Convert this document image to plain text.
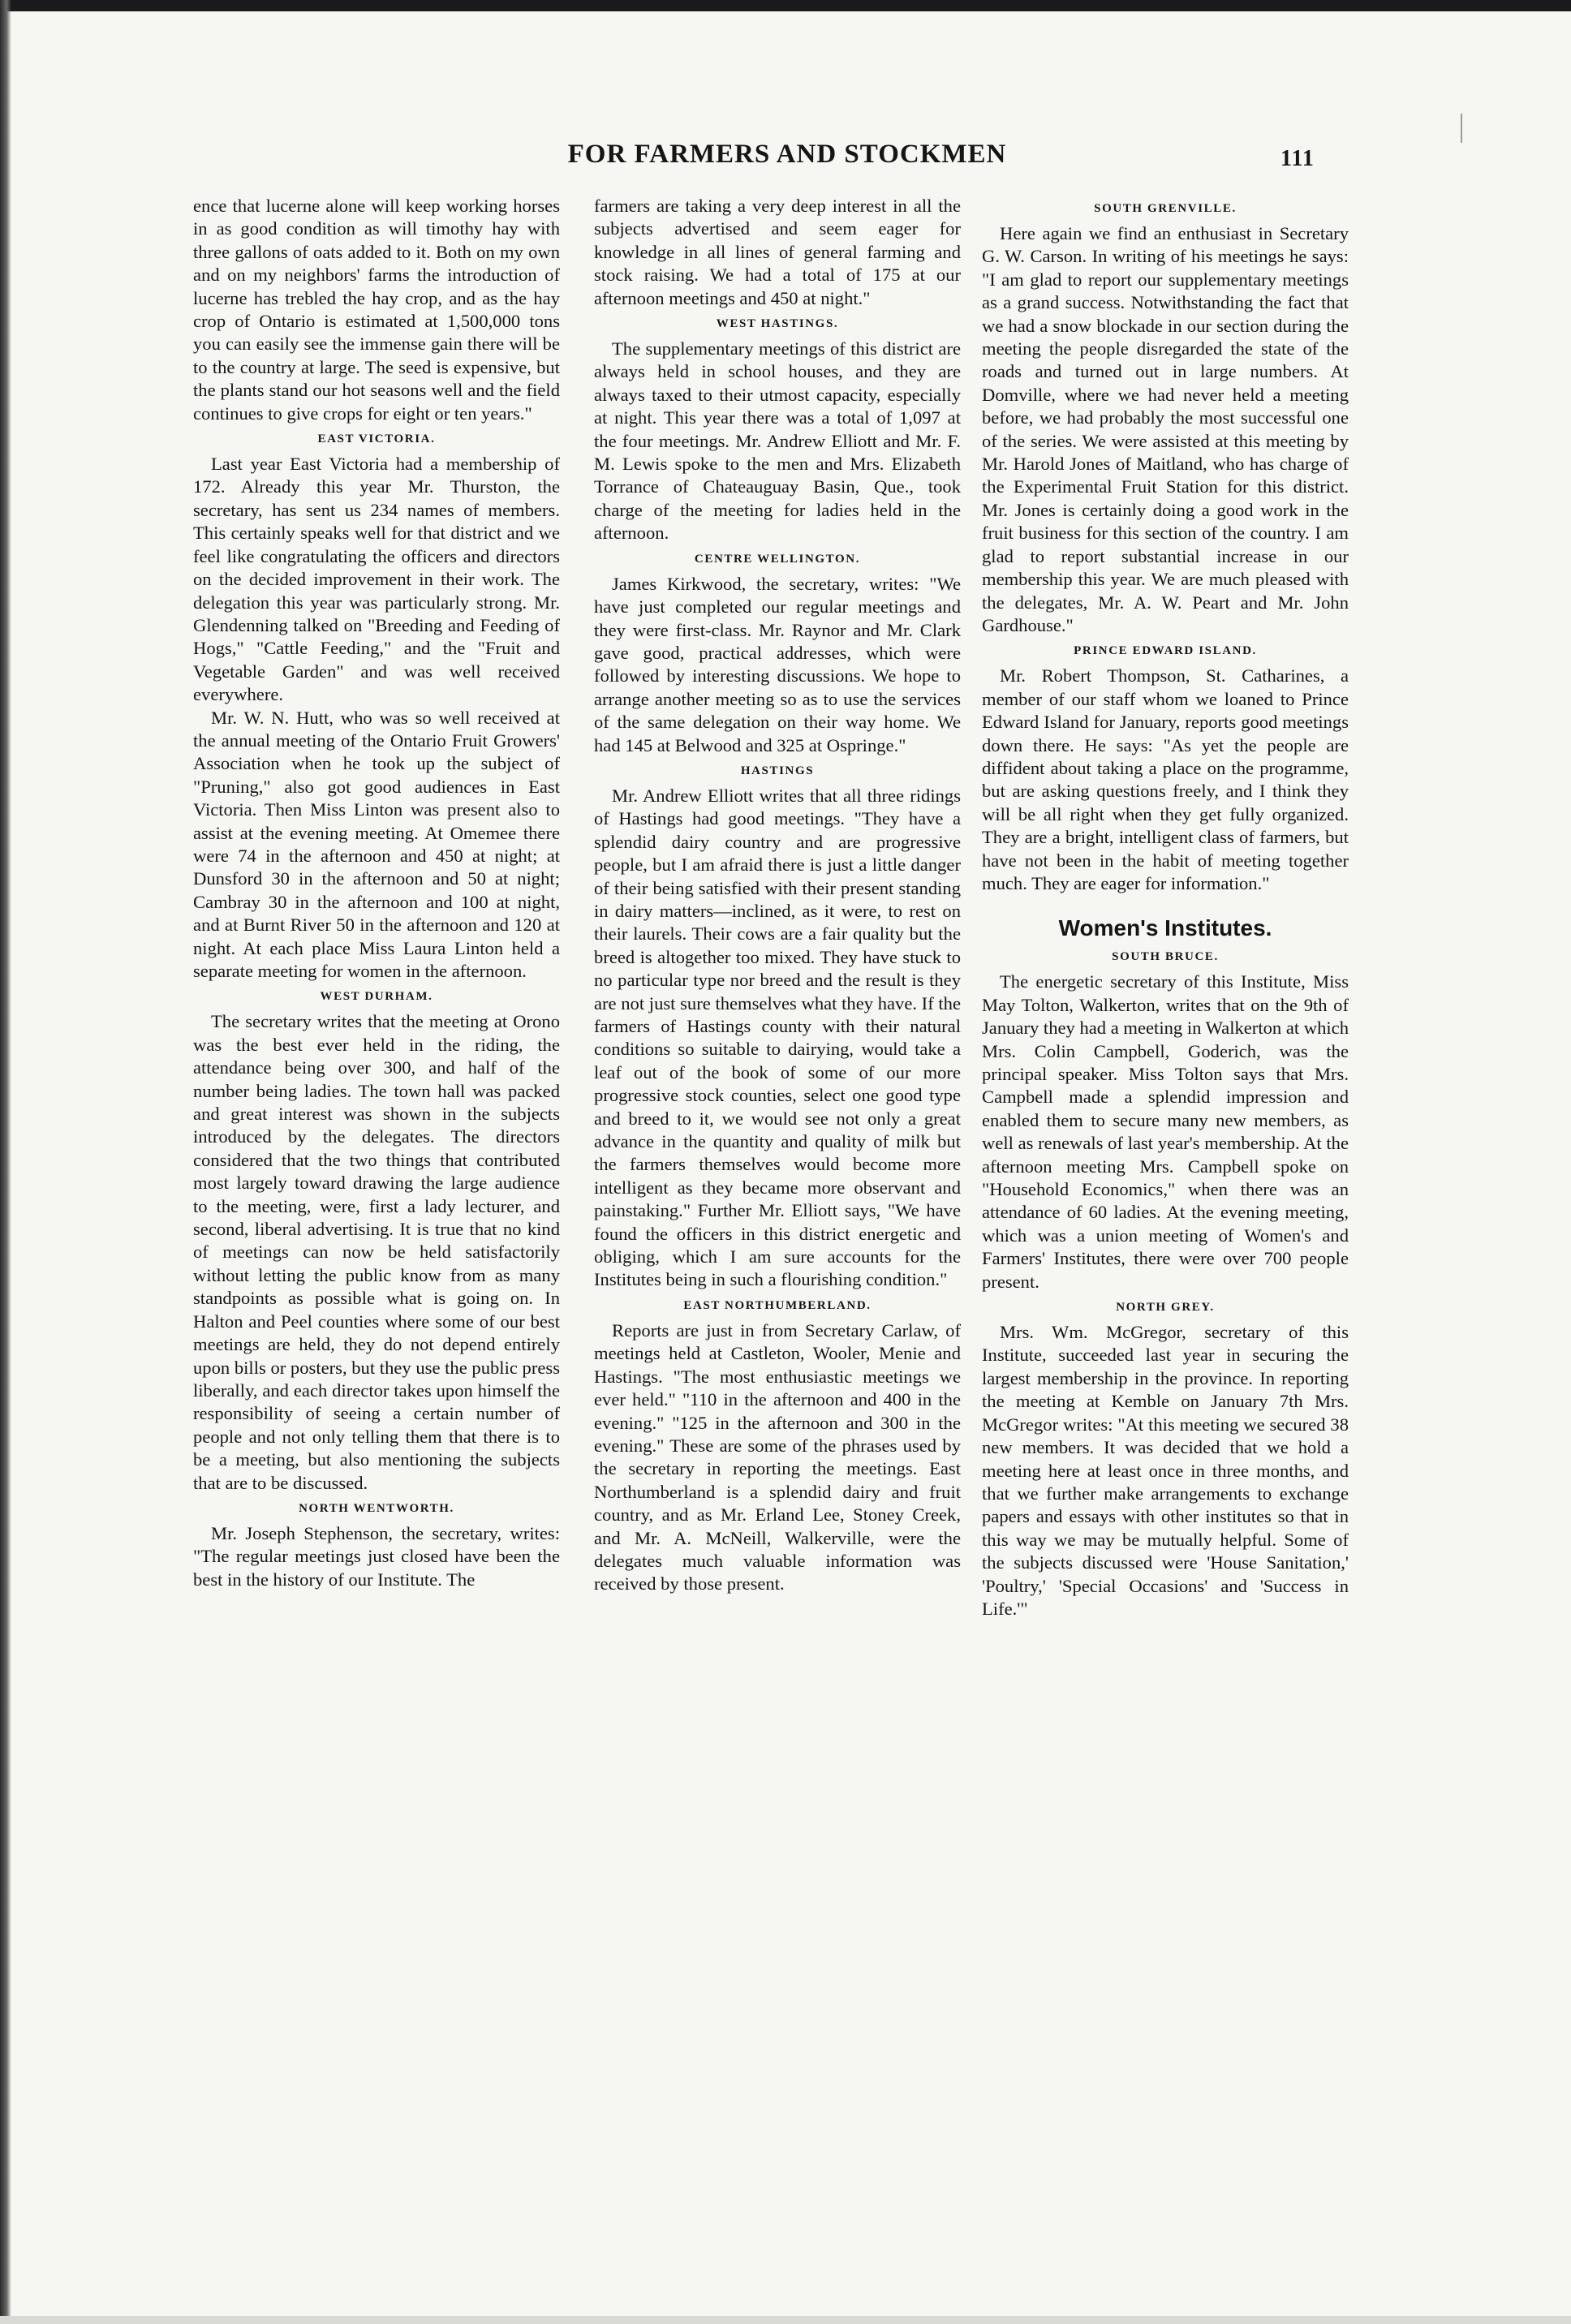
FOR FARMERS AND STOCKMEN	111

ence that lucerne alone will keep working horses in as good condition as will timothy hay with three gallons of oats added to it. Both on my own and on my neighbors' farms the introduction of lucerne has trebled the hay crop, and as the hay crop of Ontario is estimated at 1,500,000 tons you can easily see the immense gain there will be to the country at large. The seed is expensive, but the plants stand our hot seasons well and the field continues to give crops for eight or ten years."

EAST VICTORIA.

Last year East Victoria had a membership of 172. Already this year Mr. Thurston, the secretary, has sent us 234 names of members. This certainly speaks well for that district and we feel like congratulating the officers and directors on the decided improvement in their work. The delegation this year was particularly strong. Mr. Glendenning talked on "Breeding and Feeding of Hogs," "Cattle Feeding," and the "Fruit and Vegetable Garden" and was well received everywhere.

Mr. W. N. Hutt, who was so well received at the annual meeting of the Ontario Fruit Growers' Association when he took up the subject of "Pruning," also got good audiences in East Victoria. Then Miss Linton was present also to assist at the evening meeting. At Omemee there were 74 in the afternoon and 450 at night; at Dunsford 30 in the afternoon and 50 at night; Cambray 30 in the afternoon and 100 at night, and at Burnt River 50 in the afternoon and 120 at night. At each place Miss Laura Linton held a separate meeting for women in the afternoon.

WEST DURHAM.

The secretary writes that the meeting at Orono was the best ever held in the riding, the attendance being over 300, and half of the number being ladies. The town hall was packed and great interest was shown in the subjects introduced by the delegates. The directors considered that the two things that contributed most largely toward drawing the large audience to the meeting, were, first a lady lecturer, and second, liberal advertising. It is true that no kind of meetings can now be held satisfactorily without letting the public know from as many standpoints as possible what is going on. In Halton and Peel counties where some of our best meetings are held, they do not depend entirely upon bills or posters, but they use the public press liberally, and each director takes upon himself the responsibility of seeing a certain number of people and not only telling them that there is to be a meeting, but also mentioning the subjects that are to be discussed.

NORTH WENTWORTH.

Mr. Joseph Stephenson, the secretary, writes: "The regular meetings just closed have been the best in the history of our Institute. The

farmers are taking a very deep interest in all the subjects advertised and seem eager for knowledge in all lines of general farming and stock raising. We had a total of 175 at our afternoon meetings and 450 at night."

WEST HASTINGS.

The supplementary meetings of this district are always held in school houses, and they are always taxed to their utmost capacity, especially at night. This year there was a total of 1,097 at the four meetings. Mr. Andrew Elliott and Mr. F. M. Lewis spoke to the men and Mrs. Elizabeth Torrance of Chateauguay Basin, Que., took charge of the meeting for ladies held in the afternoon.

CENTRE WELLINGTON.

James Kirkwood, the secretary, writes: "We have just completed our regular meetings and they were first-class. Mr. Raynor and Mr. Clark gave good, practical addresses, which were followed by interesting discussions. We hope to arrange another meeting so as to use the services of the same delegation on their way home. We had 145 at Belwood and 325 at Ospringe."

HASTINGS

Mr. Andrew Elliott writes that all three ridings of Hastings had good meetings. "They have a splendid dairy country and are progressive people, but I am afraid there is just a little danger of their being satisfied with their present standing in dairy matters—inclined, as it were, to rest on their laurels. Their cows are a fair quality but the breed is altogether too mixed. They have stuck to no particular type nor breed and the result is they are not just sure themselves what they have. If the farmers of Hastings county with their natural conditions so suitable to dairying, would take a leaf out of the book of some of our more progressive stock counties, select one good type and breed to it, we would see not only a great advance in the quantity and quality of milk but the farmers themselves would become more intelligent as they became more observant and painstaking." Further Mr. Elliott says, "We have found the officers in this district energetic and obliging, which I am sure accounts for the Institutes being in such a flourishing condition."

EAST NORTHUMBERLAND.

Reports are just in from Secretary Carlaw, of meetings held at Castleton, Wooler, Menie and Hastings. "The most enthusiastic meetings we ever held." "110 in the afternoon and 400 in the evening." "125 in the afternoon and 300 in the evening." These are some of the phrases used by the secretary in reporting the meetings. East Northumberland is a splendid dairy and fruit country, and as Mr. Erland Lee, Stoney Creek, and Mr. A. McNeill, Walkerville, were the delegates much valuable information was received by those present.

SOUTH GRENVILLE.

Here again we find an enthusiast in Secretary G. W. Carson. In writing of his meetings he says: "I am glad to report our supplementary meetings as a grand success. Notwithstanding the fact that we had a snow blockade in our section during the meeting the people disregarded the state of the roads and turned out in large numbers. At Domville, where we had never held a meeting before, we had probably the most successful one of the series. We were assisted at this meeting by Mr. Harold Jones of Maitland, who has charge of the Experimental Fruit Station for this district. Mr. Jones is certainly doing a good work in the fruit business for this section of the country. I am glad to report substantial increase in our membership this year. We are much pleased with the delegates, Mr. A. W. Peart and Mr. John Gardhouse."

PRINCE EDWARD ISLAND.

Mr. Robert Thompson, St. Catharines, a member of our staff whom we loaned to Prince Edward Island for January, reports good meetings down there. He says: "As yet the people are diffident about taking a place on the programme, but are asking questions freely, and I think they will be all right when they get fully organized. They are a bright, intelligent class of farmers, but have not been in the habit of meeting together much. They are eager for information."

Women's Institutes.
SOUTH BRUCE.

The energetic secretary of this Institute, Miss May Tolton, Walkerton, writes that on the 9th of January they had a meeting in Walkerton at which Mrs. Colin Campbell, Goderich, was the principal speaker. Miss Tolton says that Mrs. Campbell made a splendid impression and enabled them to secure many new members, as well as renewals of last year's membership. At the afternoon meeting Mrs. Campbell spoke on "Household Economics," when there was an attendance of 60 ladies. At the evening meeting, which was a union meeting of Women's and Farmers' Institutes, there were over 700 people present.

NORTH GREY.

Mrs. Wm. McGregor, secretary of this Institute, succeeded last year in securing the largest membership in the province. In reporting the meeting at Kemble on January 7th Mrs. McGregor writes: "At this meeting we secured 38 new members. It was decided that we hold a meeting here at least once in three months, and that we further make arrangements to exchange papers and essays with other institutes so that in this way we may be mutually helpful. Some of the subjects discussed were 'House Sanitation,' 'Poultry,' 'Special Occasions' and 'Success in Life.'"
